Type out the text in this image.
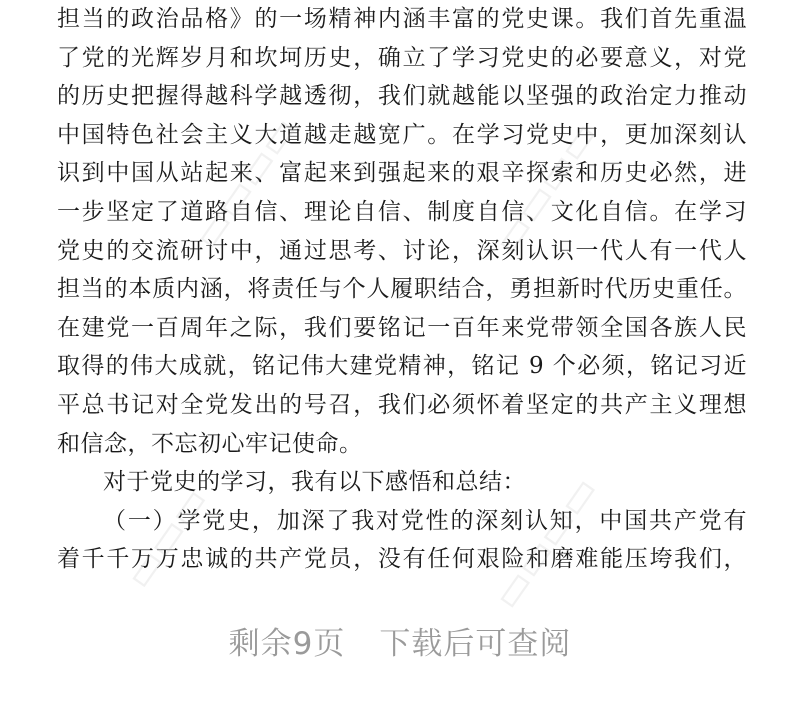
担当的政治品格》的一场精神内涵丰富的党史课。我们首先重温
了党的光辉岁月和坎坷历史，确立了学习党史的必要意义，对党
的历史把握得越科学越透彻，我们就越能以坚强的政治定力推动
中国特色社会主义大道越走越宽广。在学习党史中，更加深刻认
识到中国从站起来、富起来到强起来的艰辛探索和历史必然，进
一步坚定了道路自信、理论自信、制度自信、文化自信。在学习
党史的交流研讨中，通过思考、讨论，深刻认识一代人有一代人
担当的本质内涵，将责任与个人履职结合，勇担新时代历史重任。
在建党一百周年之际，我们要铭记一百年来党带领全国各族人民
取得的伟大成就，铭记伟大建党精神，铭记 9 个必须，铭记习近
平总书记对全党发出的号召，我们必须怀着坚定的共产主义理想
和信念，不忘初心牢记使命。
对于党史的学习，我有以下感悟和总结：
（一）学党史，加深了我对党性的深刻认知，中国共产党有
着千千万万忠诚的共产党员，没有任何艰险和磨难能压垮我们，
▭▭▭▭	▭▭▭▭
▭▭▭	▭▭▭▭
剩余9页 下载后可查阅
